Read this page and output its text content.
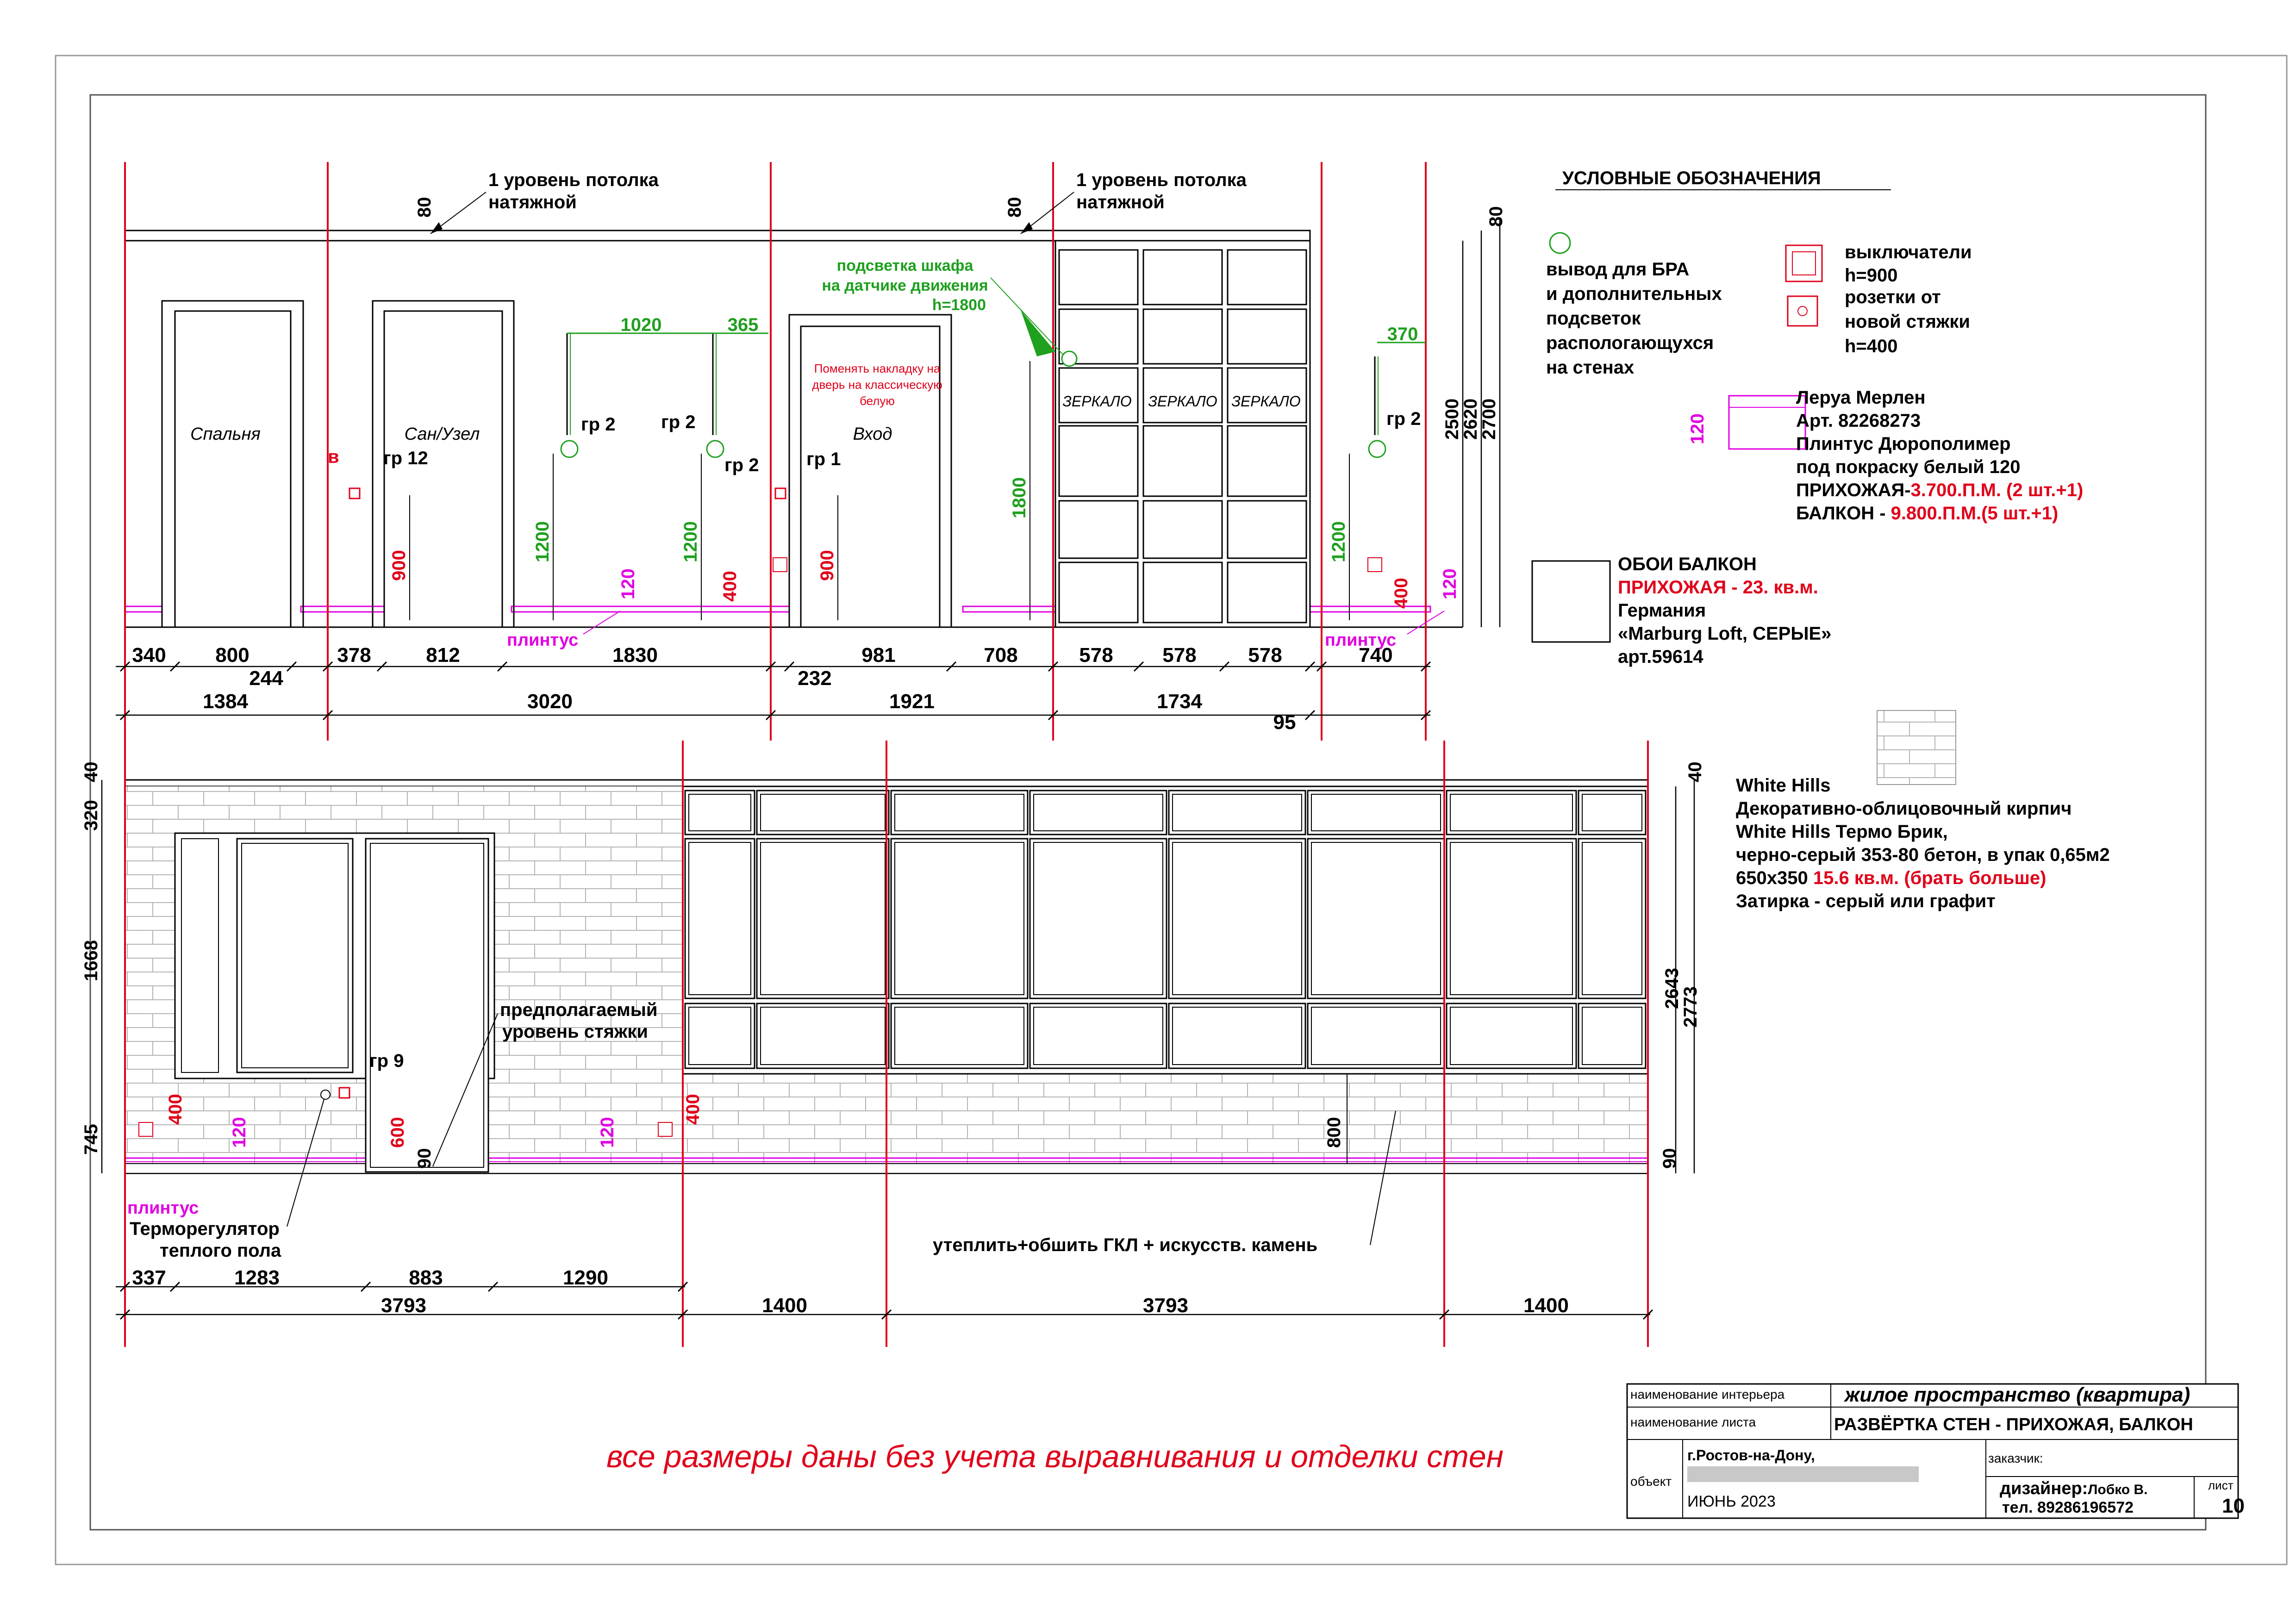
Спальня	Сан/Узел	Вход
Поменять накладку на
дверь на классическую
белую	ЗЕРКАЛО ЗЕРКАЛО ЗЕРКАЛО
1 уровень потолка
натяжной
80
1 уровень потолка
натяжной
80
подсветка шкафа
на датчике движения
h=1800
1020	365	370
гр 2 гр 2
гр 2
гр 2
гр 1
гр 12
в
1200	1200
1800
1200
900	900
400	400
120	120
плинтус	плинтус
2500
2620
2700
80
340 800
244
378	812	1830
232
981	708	578 578	578	740
1384	3020	1921	1734
95
УСЛОВНЫЕ ОБОЗНАЧЕНИЯ
вывод для БРА
и дополнительных
подсветок
распологающухся
на стенах
выключатели
h=900
розетки от
новой стяжки
h=400
120
Леруа Мерлен
Арт. 82268273
Плинтус Дюрополимер
под покраску белый 120
ПРИХОЖАЯ-3.700.П.М. (2 шт.+1)
БАЛКОН - 9.800.П.М.(5 шт.+1)
ОБОИ БАЛКОН
ПРИХОЖАЯ - 23. кв.м.
Германия
«Marburg Loft, СЕРЫЕ»
арт.59614
White Hills
Декоративно-облицовочный кирпич
White Hills Термо Брик,
черно-серый 353-80 бетон, в упак 0,65м2
650x350 15.6 кв.м. (брать больше)
Затирка - серый или графит
40
320
1668
745
40
2643
2773
90
предполагаемый
уровень стяжки
Терморегулятор
теплого пола
плинтус
гр 9
утеплить+обшить ГКЛ + искусств. камень
400
120	600
90
120
400
800
337	1283	883	1290
3793	1400	3793	1400
все размеры даны без учета выравнивания и отделки стен
наименование интерьера	жилое пространство (квартира)
наименование листа	РАЗВЁРТКА СТЕН - ПРИХОЖАЯ, БАЛКОН
объект
г.Ростов-на-Дону,
ИЮНЬ 2023
заказчик:
дизайнер:Лобко В.
тел. 89286196572
лист
10
